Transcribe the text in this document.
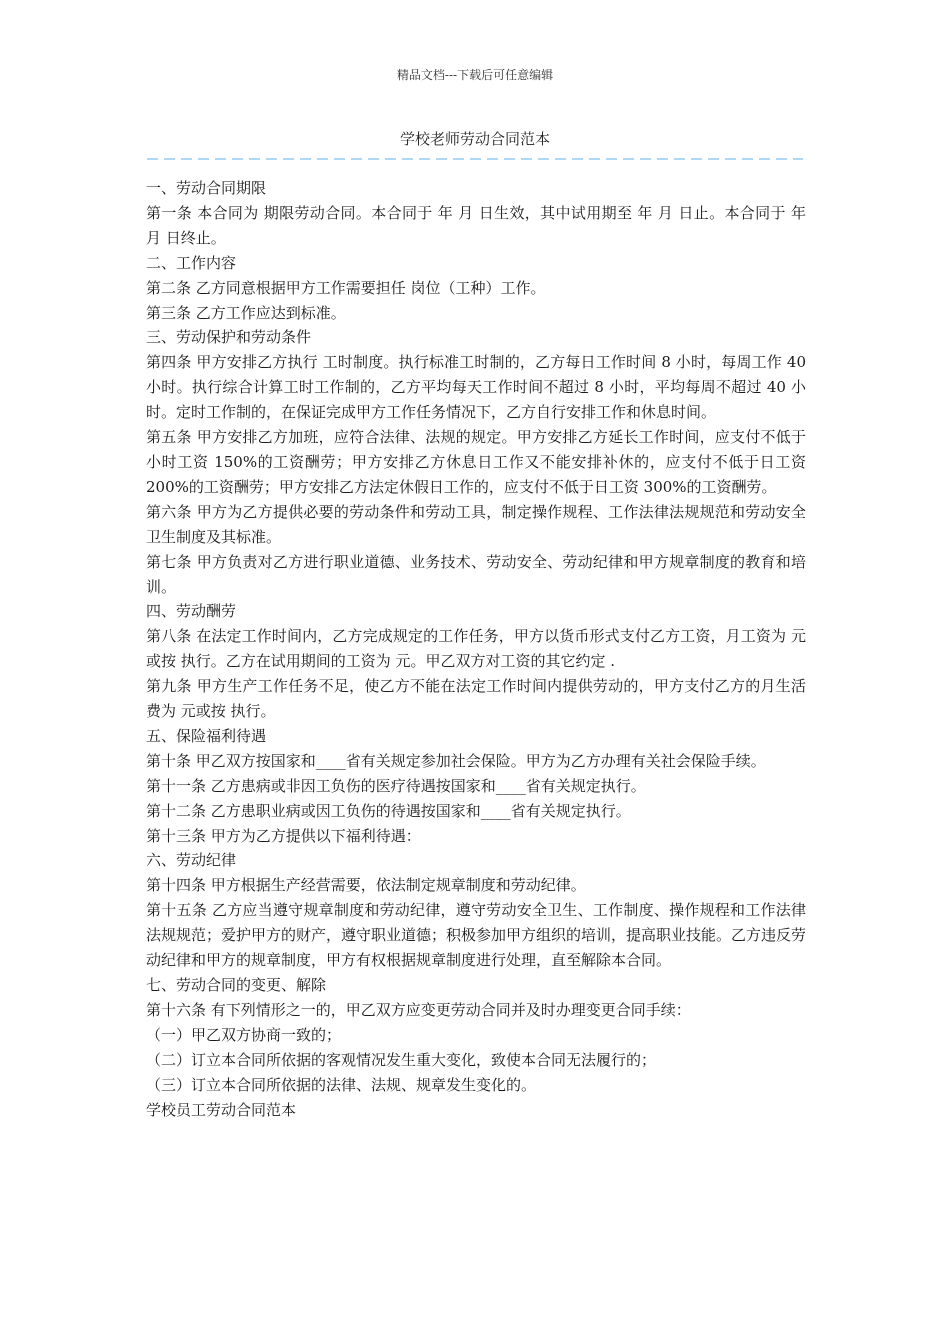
精品文档---下载后可任意编辑
学校老师劳动合同范本

一、劳动合同期限

第一条 本合同为 期限劳动合同。本合同于 年 月 日生效，其中试用期至 年 月 日止。本合同于 年 月 日终止。

二、工作内容

第二条 乙方同意根据甲方工作需要担任 岗位（工种）工作。

第三条 乙方工作应达到标准。

三、劳动保护和劳动条件

第四条 甲方安排乙方执行 工时制度。执行标准工时制的，乙方每日工作时间 8 小时，每周工作 40 小时。执行综合计算工时工作制的，乙方平均每天工作时间不超过 8 小时，平均每周不超过 40 小时。定时工作制的，在保证完成甲方工作任务情况下，乙方自行安排工作和休息时间。

第五条 甲方安排乙方加班，应符合法律、法规的规定。甲方安排乙方延长工作时间，应支付不低于小时工资 150%的工资酬劳；甲方安排乙方休息日工作又不能安排补休的，应支付不低于日工资 200%的工资酬劳；甲方安排乙方法定休假日工作的，应支付不低于日工资 300%的工资酬劳。

第六条 甲方为乙方提供必要的劳动条件和劳动工具，制定操作规程、工作法律法规规范和劳动安全卫生制度及其标准。

第七条 甲方负责对乙方进行职业道德、业务技术、劳动安全、劳动纪律和甲方规章制度的教育和培训。

四、劳动酬劳

第八条 在法定工作时间内，乙方完成规定的工作任务，甲方以货币形式支付乙方工资，月工资为 元或按 执行。乙方在试用期间的工资为 元。甲乙双方对工资的其它约定 .

第九条 甲方生产工作任务不足，使乙方不能在法定工作时间内提供劳动的，甲方支付乙方的月生活费为 元或按 执行。

五、保险福利待遇

第十条 甲乙双方按国家和____省有关规定参加社会保险。甲方为乙方办理有关社会保险手续。

第十一条 乙方患病或非因工负伤的医疗待遇按国家和____省有关规定执行。

第十二条 乙方患职业病或因工负伤的待遇按国家和____省有关规定执行。

第十三条 甲方为乙方提供以下福利待遇：

六、劳动纪律

第十四条 甲方根据生产经营需要，依法制定规章制度和劳动纪律。

第十五条 乙方应当遵守规章制度和劳动纪律，遵守劳动安全卫生、工作制度、操作规程和工作法律法规规范；爱护甲方的财产，遵守职业道德；积极参加甲方组织的培训，提高职业技能。乙方违反劳动纪律和甲方的规章制度，甲方有权根据规章制度进行处理，直至解除本合同。

七、劳动合同的变更、解除

第十六条 有下列情形之一的，甲乙双方应变更劳动合同并及时办理变更合同手续：

（一）甲乙双方协商一致的；

（二）订立本合同所依据的客观情况发生重大变化，致使本合同无法履行的；

（三）订立本合同所依据的法律、法规、规章发生变化的。

学校员工劳动合同范本
